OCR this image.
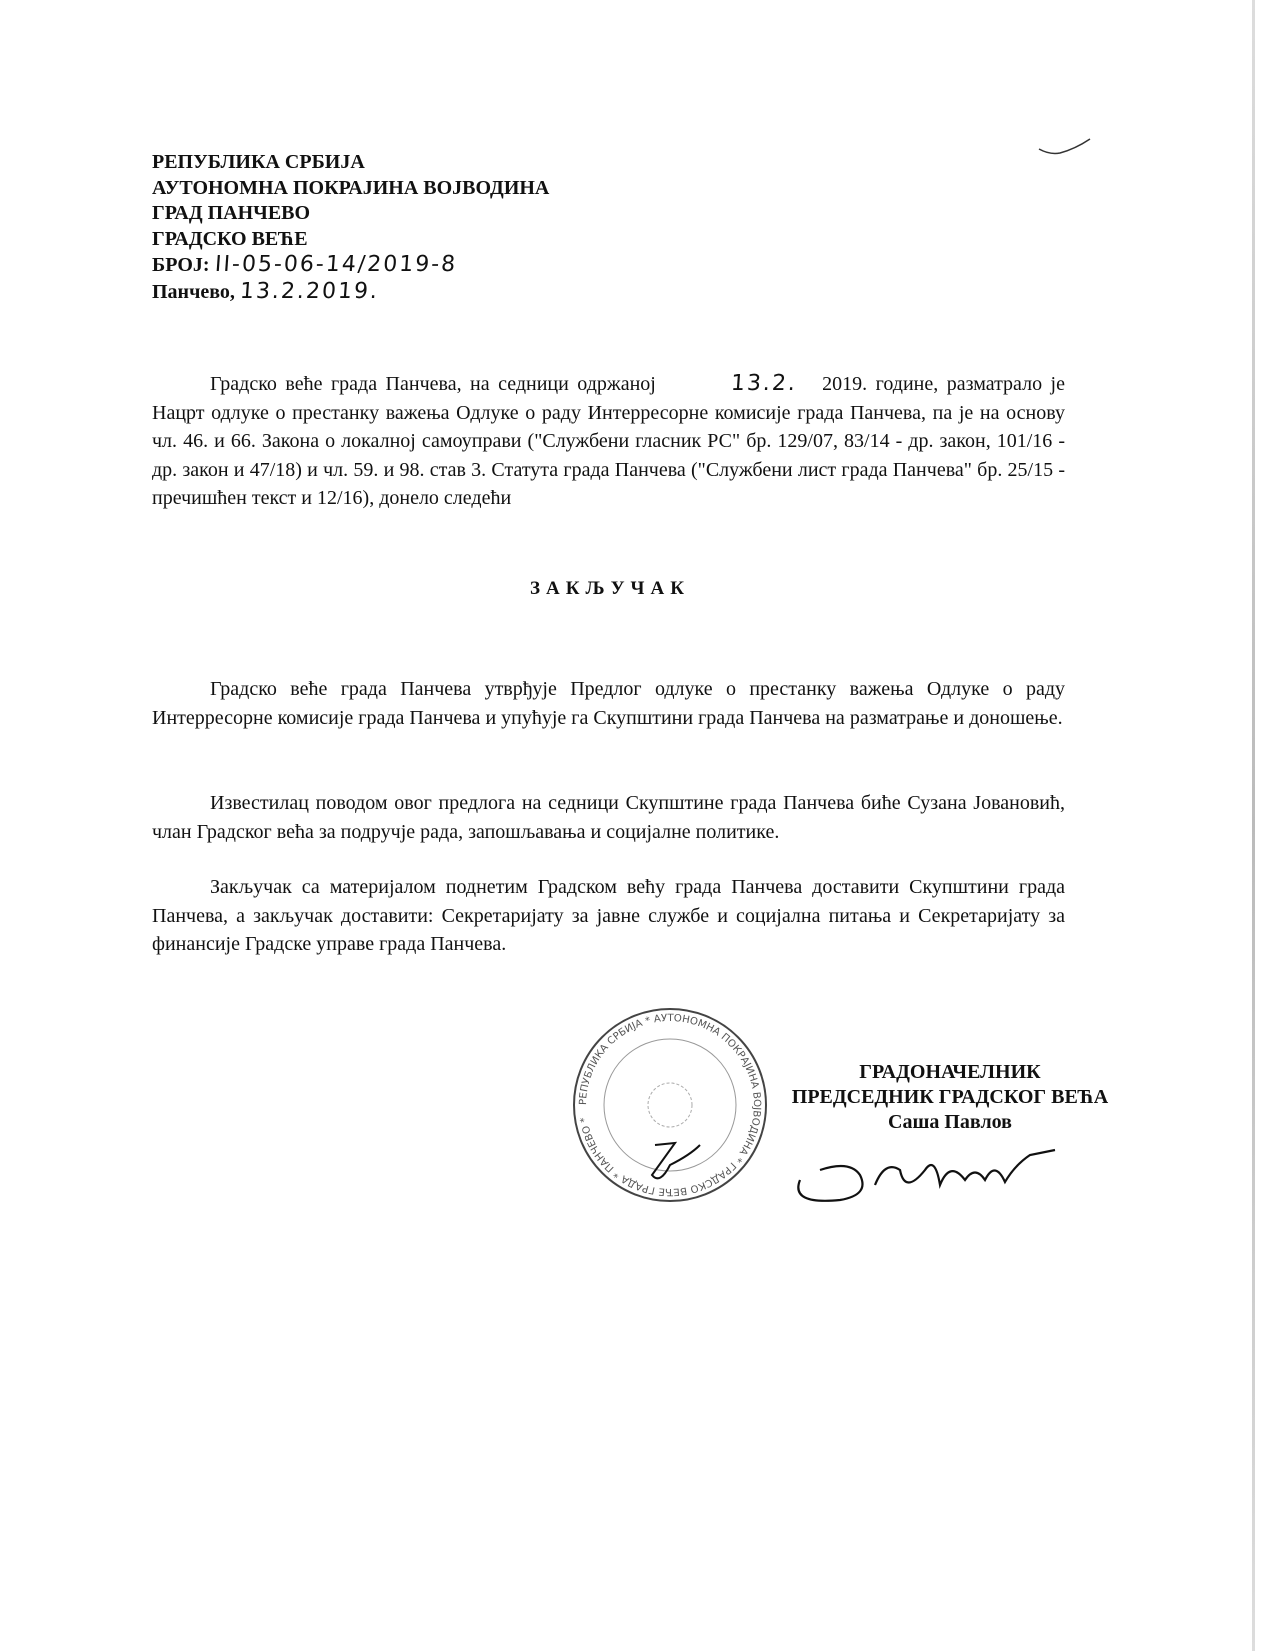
РЕПУБЛИКА СРБИЈА
АУТОНОМНА ПОКРАЈИНА ВОЈВОДИНА
ГРАД ПАНЧЕВО
ГРАДСКО ВЕЋЕ
БРОЈ: II-05-06-14/2019-8
Панчево, 13.2.2019.
Градско веће града Панчева, на седници одржаној	13.2. 2019. године, разматрало је Нацрт одлуке о престанку важења Одлуке о раду Интерресорне комисије града Панчева, па је на основу чл. 46. и 66. Закона о локалној самоуправи ("Службени гласник РС" бр. 129/07, 83/14 - др. закон, 101/16 - др. закон и 47/18) и чл. 59. и 98. став 3. Статута града Панчева ("Службени лист града Панчева" бр. 25/15 - пречишћен текст и 12/16), донело следећи
ЗАКЉУЧАК
Градско веће града Панчева утврђује Предлог одлуке о престанку важења Одлуке о раду Интерресорне комисије града Панчева и упућује га Скупштини града Панчева на разматрање и доношење.
Известилац поводом овог предлога на седници Скупштине града Панчева биће Сузана Јовановић, члан Градског већа за подручје рада, запошљавања и социјалне политике.
Закључак са материјалом поднетим Градском већу града Панчева доставити Скупштини града Панчева, а закључак доставити: Секретаријату за јавне службе и социјална питања и Секретаријату за финансије Градске управе града Панчева.
РЕПУБЛИКА СРБИЈА * АУТОНОМНА ПОКРАЈИНА ВОЈВОДИНА * ГРАДСКО ВЕЋЕ ГРАДА * ПАНЧЕВО *
ГРАДОНАЧЕЛНИК
ПРЕДСЕДНИК ГРАДСКОГ ВЕЋА
Саша Павлов
